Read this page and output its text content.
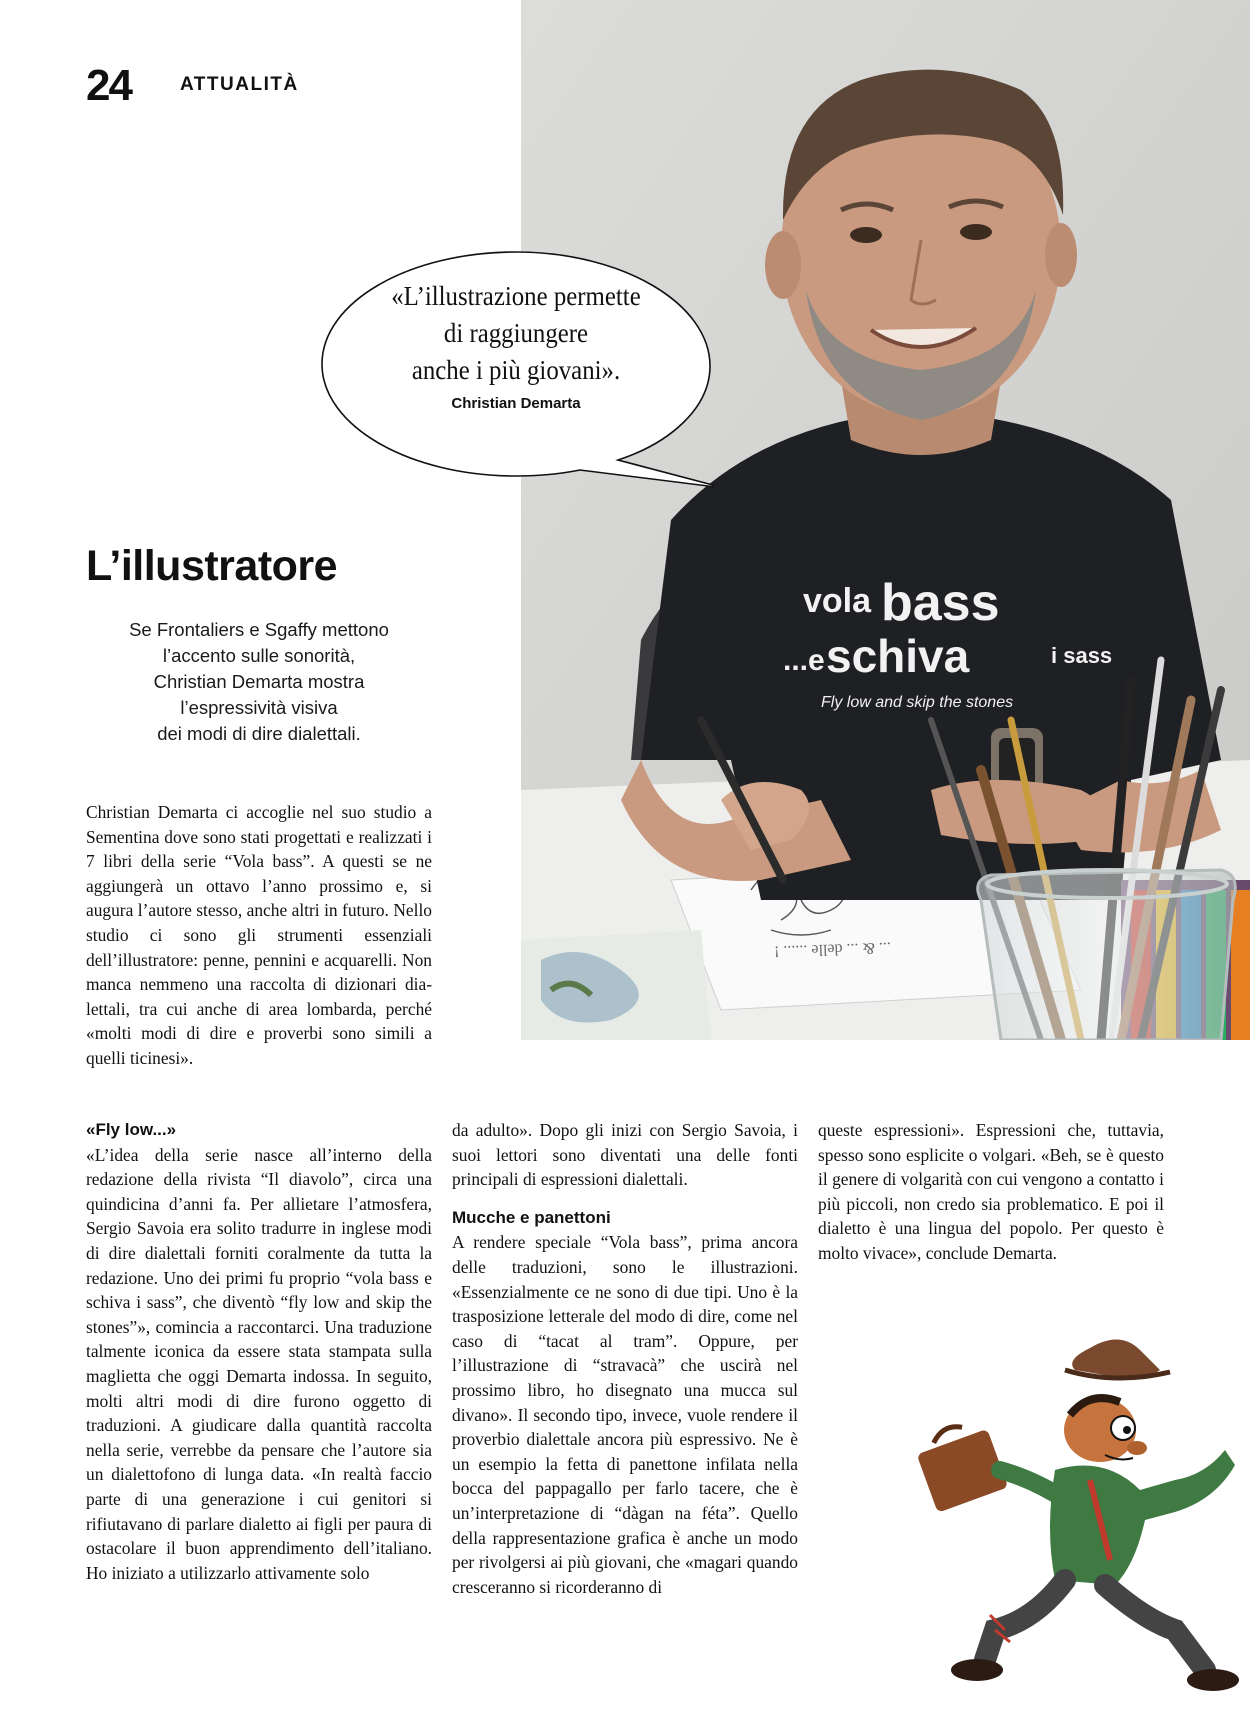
24	ATTUALITÀ
... & ... delle ...... !
vola bass
...e schiva	i sass
Fly low and skip the stones
«L’illustrazione permette
di raggiungere
anche i più giovani».
Christian Demarta
L’illustratore
Se Frontaliers e Sgaffy mettono
l’accento sulle sonorità,
Christian Demarta mostra
l’espressività visiva
dei modi di dire dialettali.

Christian Demarta ci accoglie nel suo studio a Sementina dove sono stati progettati e realizzati i 7 libri della serie “Vola bass”. A questi se ne aggiungerà un ottavo l’anno prossimo e, si augura l’autore stesso, anche altri in futuro. Nello studio ci sono gli strumenti essenziali dell’illustratore: penne, pennini e acquarelli. Non manca nemmeno una raccolta di dizionari dialettali, tra cui anche di area lombarda, perché «molti modi di dire e proverbi sono simili a quelli ticinesi».

«Fly low...»

«L’idea della serie nasce all’interno della redazione della rivista “Il diavolo”, circa una quindicina d’anni fa. Per allietare l’atmosfera, Sergio Savoia era solito tradurre in inglese modi di dire dialettali forniti coralmente da tutta la redazione. Uno dei primi fu proprio “vola bass e schiva i sass”, che diventò “fly low and skip the stones”», comincia a raccontarci. Una traduzione talmente iconica da essere stata stampata sulla maglietta che oggi Demarta indossa. In seguito, molti altri modi di dire furono oggetto di traduzioni. A giudicare dalla quantità raccolta nella serie, verrebbe da pensare che l’autore sia un dialettofono di lunga data. «In realtà faccio parte di una generazione i cui genitori si rifiutavano di parlare dialetto ai figli per paura di ostacolare il buon apprendimento dell’italiano. Ho iniziato a utilizzarlo attivamente solo

da adulto». Dopo gli inizi con Sergio Savoia, i suoi lettori sono diventati una delle fonti principali di espressioni dialettali.

Mucche e panettoni

A rendere speciale “Vola bass”, prima ancora delle traduzioni, sono le illustrazioni. «Essenzialmente ce ne sono di due tipi. Uno è la trasposizione letterale del modo di dire, come nel caso di “tacat al tram”. Oppure, per l’illustrazione di “stravacà” che uscirà nel prossimo libro, ho disegnato una mucca sul divano». Il secondo tipo, invece, vuole rendere il proverbio dialettale ancora più espressivo. Ne è un esempio la fetta di panettone infilata nella bocca del pappagallo per farlo tacere, che è un’interpretazione di “dàgan na féta”. Quello della rappresentazione grafica è anche un modo per rivolgersi ai più giovani, che «magari quando cresceranno si ricorderanno di

queste espressioni». Espressioni che, tuttavia, spesso sono esplicite o volgari. «Beh, se è questo il genere di volgarità con cui vengono a contatto i più piccoli, non credo sia problematico. E poi il dialetto è una lingua del popolo. Per questo è molto vivace», conclude Demarta.
